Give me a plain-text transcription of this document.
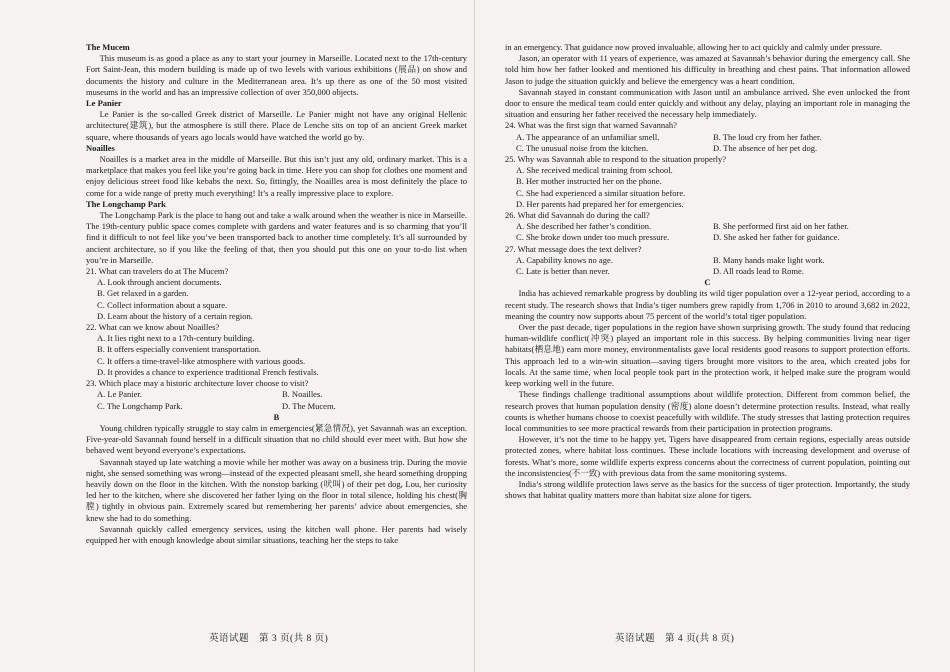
The Mucem

This museum is as good a place as any to start your journey in Marseille. Located next to the 17th-century Fort Saint-Jean, this modern building is made up of two levels with various exhibitions (展品) on show and documents the history and culture in the Mediterranean area. It’s up there as one of the 50 most visited museums in the world and has an impressive collection of over 350,000 objects.

Le Panier

Le Panier is the so-called Greek district of Marseille. Le Panier might not have any original Hellenic architecture(建筑), but the atmosphere is still there. Place de Lenche sits on top of an ancient Greek market square, where thousands of years ago locals would have watched the world go by.

Noailles

Noailles is a market area in the middle of Marseille. But this isn’t just any old, ordinary market. This is a marketplace that makes you feel like you’re going back in time. Here you can shop for clothes one moment and enjoy delicious street food like kebabs the next. So, fittingly, the Noailles area is most definitely the place to come for a wide range of pretty much everything! It’s a really impressive place to explore.

The Longchamp Park

The Longchamp Park is the place to hang out and take a walk around when the weather is nice in Marseille. The 19th-century public space comes complete with gardens and water features and is so charming that you’ll find it difficult to not feel like you’ve been transported back to another time completely. It’s all surrounded by ancient architecture, so if you like the feeling of that, then you should put this one on your to-do list when you’re in Marseille.

21. What can travelers do at The Mucem?

A. Look through ancient documents.

B. Get relaxed in a garden.

C. Collect information about a square.

D. Learn about the history of a certain region.

22. What can we know about Noailles?

A. It lies right next to a 17th-century building.

B. It offers especially convenient transportation.

C. It offers a time-travel-like atmosphere with various goods.

D. It provides a chance to experience traditional French festivals.

23. Which place may a historic architecture lover choose to visit?

A. Le Panier.	B. Noailles.
C. The Longchamp Park.	D. The Mucem.

B

Young children typically struggle to stay calm in emergencies(紧急情况), yet Savannah was an exception. Five-year-old Savannah found herself in a difficult situation that no child should ever meet with. But how she behaved went beyond everyone’s expectations.

Savannah stayed up late watching a movie while her mother was away on a business trip. During the movie night, she sensed something was wrong—instead of the expected pleasant smell, she heard something dropping heavily down on the floor in the kitchen. With the nonstop barking (吠叫) of their pet dog, Lou, her curiosity led her to the kitchen, where she discovered her father lying on the floor in total silence, holding his chest(胸膛) tightly in obvious pain. Extremely scared but remembering her parents’ advice about emergencies, she knew she had to do something.

Savannah quickly called emergency services, using the kitchen wall phone. Her parents had wisely equipped her with enough knowledge about similar situations, teaching her the steps to take

in an emergency. That guidance now proved invaluable, allowing her to act quickly and calmly under pressure.

Jason, an operator with 11 years of experience, was amazed at Savannah’s behavior during the emergency call. She told him how her father looked and mentioned his difficulty in breathing and chest pains. That information allowed Jason to judge the situation quickly and believe the emergency was a heart condition.

Savannah stayed in constant communication with Jason until an ambulance arrived. She even unlocked the front door to ensure the medical team could enter quickly and without any delay, playing an important role in managing the situation and ensuring her father received the necessary help immediately.

24. What was the first sign that warned Savannah?

A. The appearance of an unfamiliar smell.	B. The loud cry from her father.
C. The unusual noise from the kitchen.	D. The absence of her pet dog.

25. Why was Savannah able to respond to the situation properly?

A. She received medical training from school.

B. Her mother instructed her on the phone.

C. She had experienced a similar situation before.

D. Her parents had prepared her for emergencies.

26. What did Savannah do during the call?

A. She described her father’s condition.	B. She performed first aid on her father.
C. She broke down under too much pressure.	D. She asked her father for guidance.

27. What message does the text deliver?

A. Capability knows no age.	B. Many hands make light work.
C. Late is better than never.	D. All roads lead to Rome.

C

India has achieved remarkable progress by doubling its wild tiger population over a 12-year period, according to a recent study. The research shows that India’s tiger numbers grew rapidly from 1,706 in 2010 to around 3,682 in 2022, meaning the country now supports about 75 percent of the world’s total tiger population.

Over the past decade, tiger populations in the region have shown surprising growth. The study found that reducing human-wildlife conflict(冲突) played an important role in this success. By helping communities living near tiger habitats(栖息地) earn more money, environmentalists gave local residents good reasons to support protection efforts. This approach led to a win-win situation—saving tigers brought more visitors to the area, which created jobs for locals. At the same time, when local people took part in the protection work, it helped make sure the program would keep working well in the future.

These findings challenge traditional assumptions about wildlife protection. Different from common belief, the research proves that human population density (密度) alone doesn’t determine protection results. Instead, what really counts is whether humans choose to coexist peacefully with wildlife. The study stresses that lasting protection requires local communities to see more practical rewards from their participation in protection programs.

However, it’s not the time to be happy yet. Tigers have disappeared from certain regions, especially areas outside protected zones, where habitat loss continues. These include locations with increasing development and overuse of forests. What’s more, some wildlife experts express concerns about the correctness of current population, pointing out the inconsistencies(不一致) with previous data from the same monitoring systems.

India’s strong wildlife protection laws serve as the basics for the success of tiger protection. Importantly, the study shows that habitat quality matters more than habitat size alone for tigers.

英语试题　第 3 页(共 8 页)	英语试题　第 4 页(共 8 页)
